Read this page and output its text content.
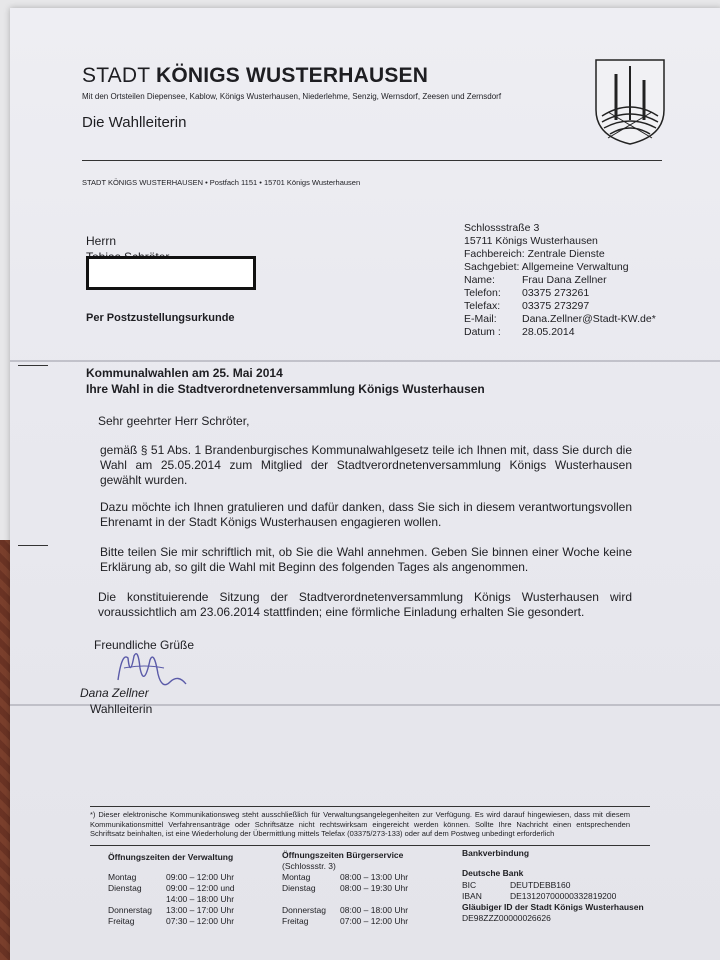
STADT KÖNIGS WUSTERHAUSEN
Mit den Ortsteilen Diepensee, Kablow, Königs Wusterhausen, Niederlehme, Senzig, Wernsdorf, Zeesen und Zernsdorf
Die Wahlleiterin
STADT KÖNIGS WUSTERHAUSEN • Postfach 1151 • 15701 Königs Wusterhausen
Herrn
Per Postzustellungsurkunde
Schlossstraße 3
15711 Königs Wusterhausen
Fachbereich: Zentrale Dienste
Sachgebiet: Allgemeine Verwaltung
Name:	Frau Dana Zellner
Telefon: 03375 273261
Telefax: 03375 273297
E-Mail: Dana.Zellner@Stadt-KW.de*
Datum : 28.05.2014
Kommunalwahlen am 25. Mai 2014
Ihre Wahl in die Stadtverordnetenversammlung Königs Wusterhausen
Sehr geehrter Herr Schröter,

gemäß § 51 Abs. 1 Brandenburgisches Kommunalwahlgesetz teile ich Ihnen mit, dass Sie durch die Wahl am 25.05.2014 zum Mitglied der Stadtverordnetenversammlung Königs Wusterhausen gewählt wurden.

Dazu möchte ich Ihnen gratulieren und dafür danken, dass Sie sich in diesem verantwortungsvollen Ehrenamt in der Stadt Königs Wusterhausen engagieren wollen.

Bitte teilen Sie mir schriftlich mit, ob Sie die Wahl annehmen. Geben Sie binnen einer Woche keine Erklärung ab, so gilt die Wahl mit Beginn des folgenden Tages als angenommen.

Die konstituierende Sitzung der Stadtverordnetenversammlung Königs Wusterhausen wird voraussichtlich am 23.06.2014 stattfinden; eine förmliche Einladung erhalten Sie gesondert.

Freundliche Grüße
Dana Zellner
Wahlleiterin
*) Dieser elektronische Kommunikationsweg steht ausschließlich für Verwaltungsangelegenheiten zur Verfügung. Es wird darauf hingewiesen, dass mit diesem Kommunikationsmittel Verfahrensanträge oder Schriftsätze nicht rechtswirksam eingereicht werden können. Sollte Ihre Nachricht einen entsprechenden Schriftsatz beinhalten, ist eine Wiederholung der Übermittlung mittels Telefax (03375/273-133) oder auf dem Postweg unbedingt erforderlich
Öffnungszeiten der Verwaltung
Montag	09:00 – 12:00 Uhr
Dienstag	09:00 – 12:00 und
14:00 – 18:00 Uhr
Donnerstag 13:00 – 17:00 Uhr
Freitag	07:30 – 12:00 Uhr
Öffnungszeiten Bürgerservice
(Schlossstr. 3)
Montag	08:00 – 13:00 Uhr
Dienstag	08:00 – 19:30 Uhr
Donnerstag 08:00 – 18:00 Uhr
Freitag	07:00 – 12:00 Uhr
Bankverbindung
Deutsche Bank
BIC	DEUTDEBB160
IBAN	DE13120700000332819200
Gläubiger ID der Stadt Königs Wusterhausen
DE98ZZZ00000026626
